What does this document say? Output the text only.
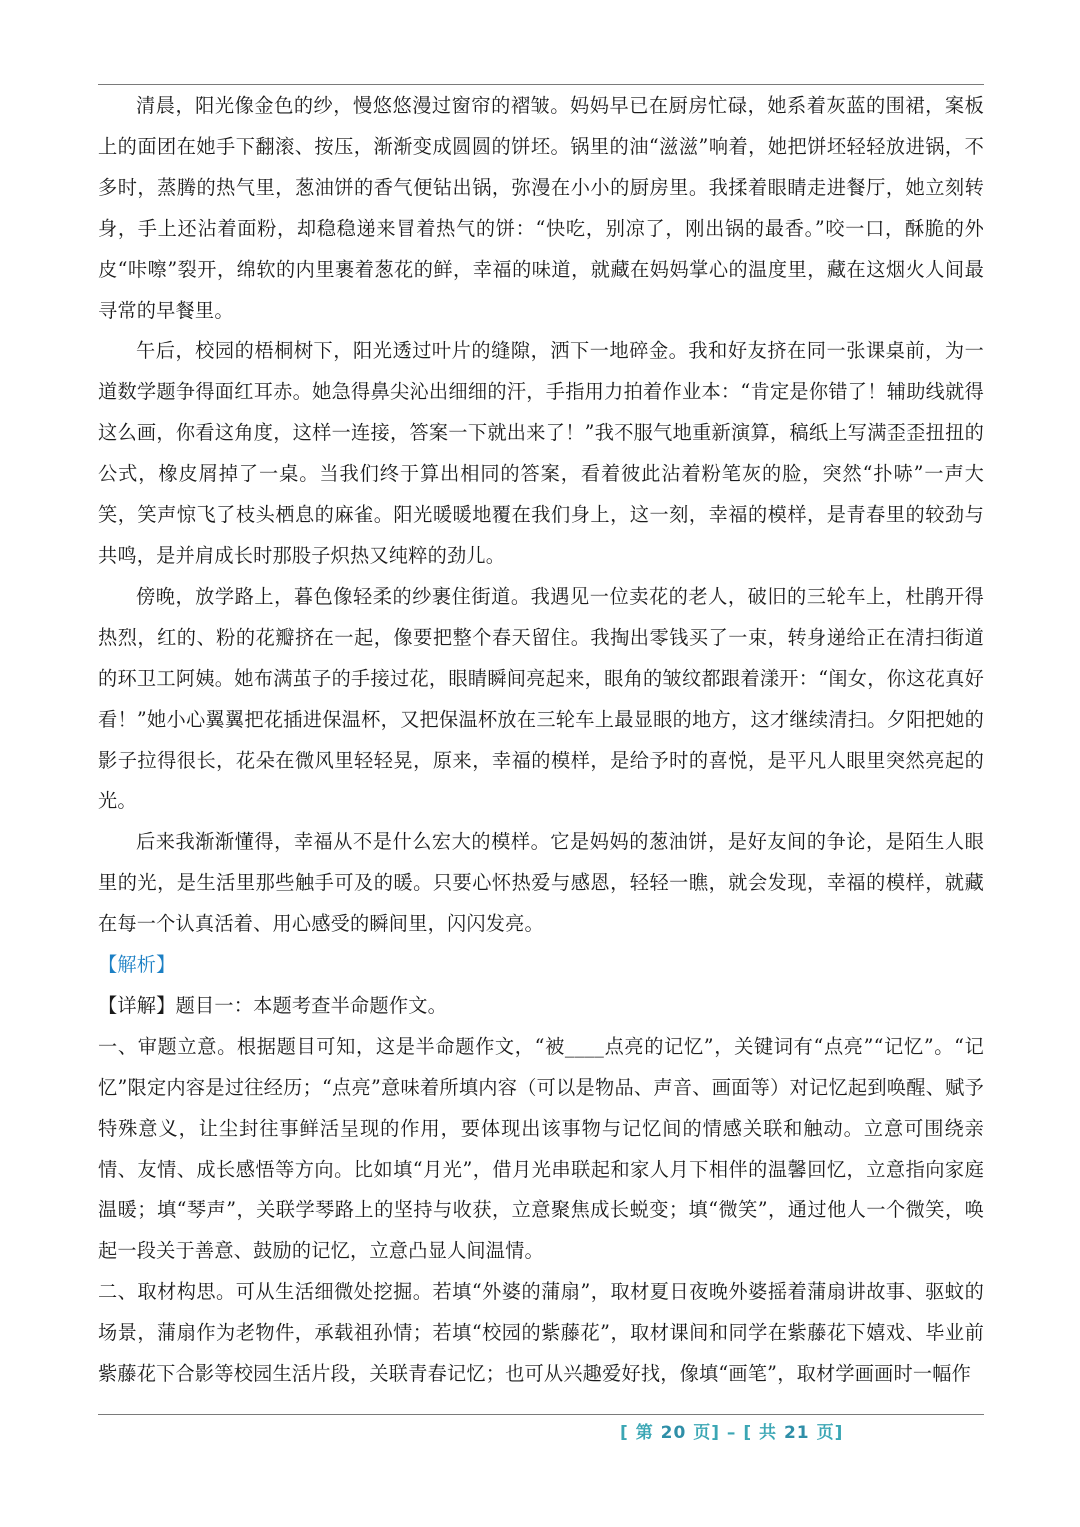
清晨，阳光像金色的纱，慢悠悠漫过窗帘的褶皱。妈妈早已在厨房忙碌，她系着灰蓝的围裙，案板上的面团在她手下翻滚、按压，渐渐变成圆圆的饼坯。锅里的油“滋滋”响着，她把饼坯轻轻放进锅，不多时，蒸腾的热气里，葱油饼的香气便钻出锅，弥漫在小小的厨房里。我揉着眼睛走进餐厅，她立刻转身，手上还沾着面粉，却稳稳递来冒着热气的饼：“快吃，别凉了，刚出锅的最香。”咬一口，酥脆的外皮“咔嚓”裂开，绵软的内里裹着葱花的鲜，幸福的味道，就藏在妈妈掌心的温度里，藏在这烟火人间最寻常的早餐里。

午后，校园的梧桐树下，阳光透过叶片的缝隙，洒下一地碎金。我和好友挤在同一张课桌前，为一道数学题争得面红耳赤。她急得鼻尖沁出细细的汗，手指用力拍着作业本：“肯定是你错了！辅助线就得这么画，你看这角度，这样一连接，答案一下就出来了！”我不服气地重新演算，稿纸上写满歪歪扭扭的公式，橡皮屑掉了一桌。当我们终于算出相同的答案，看着彼此沾着粉笔灰的脸，突然“扑哧”一声大笑，笑声惊飞了枝头栖息的麻雀。阳光暖暖地覆在我们身上，这一刻，幸福的模样，是青春里的较劲与共鸣，是并肩成长时那股子炽热又纯粹的劲儿。

傍晚，放学路上，暮色像轻柔的纱裹住街道。我遇见一位卖花的老人，破旧的三轮车上，杜鹃开得热烈，红的、粉的花瓣挤在一起，像要把整个春天留住。我掏出零钱买了一束，转身递给正在清扫街道的环卫工阿姨。她布满茧子的手接过花，眼睛瞬间亮起来，眼角的皱纹都跟着漾开：“闺女，你这花真好看！”她小心翼翼把花插进保温杯，又把保温杯放在三轮车上最显眼的地方，这才继续清扫。夕阳把她的影子拉得很长，花朵在微风里轻轻晃，原来，幸福的模样，是给予时的喜悦，是平凡人眼里突然亮起的光。

后来我渐渐懂得，幸福从不是什么宏大的模样。它是妈妈的葱油饼，是好友间的争论，是陌生人眼里的光，是生活里那些触手可及的暖。只要心怀热爱与感恩，轻轻一瞧，就会发现，幸福的模样，就藏在每一个认真活着、用心感受的瞬间里，闪闪发亮。

【解析】

【详解】题目一：本题考查半命题作文。

一、审题立意。根据题目可知，这是半命题作文，“被____点亮的记忆”，关键词有“点亮”“记忆”。“记忆”限定内容是过往经历；“点亮”意味着所填内容（可以是物品、声音、画面等）对记忆起到唤醒、赋予特殊意义，让尘封往事鲜活呈现的作用，要体现出该事物与记忆间的情感关联和触动。立意可围绕亲情、友情、成长感悟等方向。比如填“月光”，借月光串联起和家人月下相伴的温馨回忆，立意指向家庭温暖；填“琴声”，关联学琴路上的坚持与收获，立意聚焦成长蜕变；填“微笑”，通过他人一个微笑，唤起一段关于善意、鼓励的记忆，立意凸显人间温情。

二、取材构思。可从生活细微处挖掘。若填“外婆的蒲扇”，取材夏日夜晚外婆摇着蒲扇讲故事、驱蚊的场景，蒲扇作为老物件，承载祖孙情；若填“校园的紫藤花”，取材课间和同学在紫藤花下嬉戏、毕业前紫藤花下合影等校园生活片段，关联青春记忆；也可从兴趣爱好找，像填“画笔”，取材学画画时一幅作

[ 第 20 页] – [ 共 21 页]
